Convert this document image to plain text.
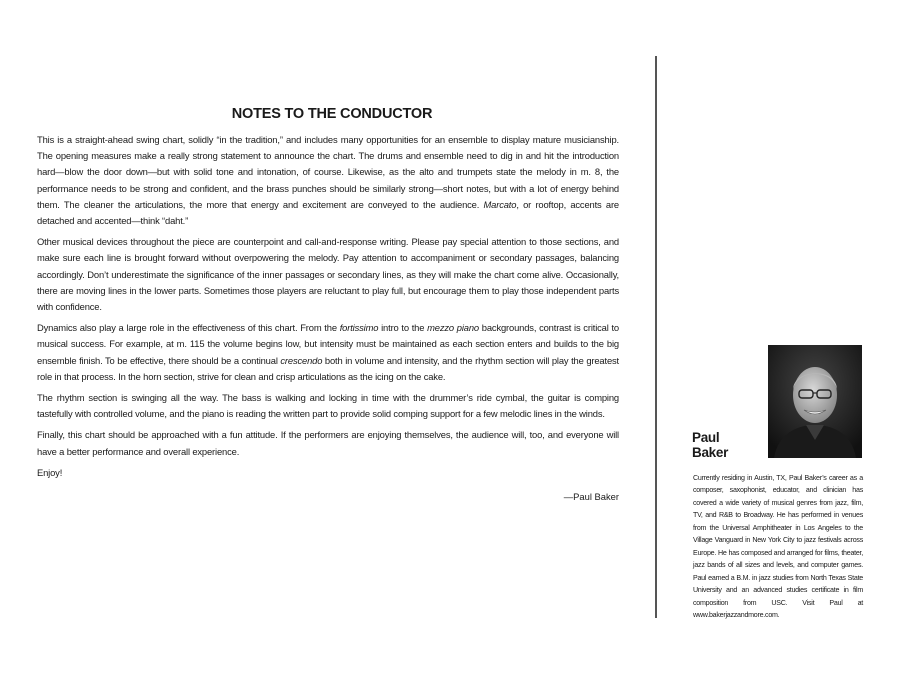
NOTES TO THE CONDUCTOR

This is a straight-ahead swing chart, solidly “in the tradition,” and includes many opportunities for an ensemble to display mature musicianship. The opening measures make a really strong statement to announce the chart. The drums and ensemble need to dig in and hit the introduction hard—blow the door down—but with solid tone and intonation, of course. Likewise, as the alto and trumpets state the melody in m. 8, the performance needs to be strong and confident, and the brass punches should be similarly strong—short notes, but with a lot of energy behind them. The cleaner the articulations, the more that energy and excitement are conveyed to the audience. Marcato, or rooftop, accents are detached and accented—think “daht.”

Other musical devices throughout the piece are counterpoint and call-and-response writing. Please pay special attention to those sections, and make sure each line is brought forward without overpowering the melody. Pay attention to accompaniment or secondary passages, balancing accordingly. Don’t underestimate the significance of the inner passages or secondary lines, as they will make the chart come alive. Occasionally, there are moving lines in the lower parts. Sometimes those players are reluctant to play full, but encourage them to play those independent parts with confidence.

Dynamics also play a large role in the effectiveness of this chart. From the fortissimo intro to the mezzo piano backgrounds, contrast is critical to musical success. For example, at m. 115 the volume begins low, but intensity must be maintained as each section enters and builds to the big ensemble finish. To be effective, there should be a continual crescendo both in volume and intensity, and the rhythm section will play the greatest role in that process. In the horn section, strive for clean and crisp articulations as the icing on the cake.

The rhythm section is swinging all the way. The bass is walking and locking in time with the drummer’s ride cymbal, the guitar is comping tastefully with controlled volume, and the piano is reading the written part to provide solid comping support for a few melodic lines in the winds.

Finally, this chart should be approached with a fun attitude. If the performers are enjoying themselves, the audience will, too, and everyone will have a better performance and overall experience.

Enjoy!

—Paul Baker
Paul
Baker
Currently residing in Austin, TX, Paul Baker’s career as a composer, saxophonist, educator, and clinician has covered a wide variety of musical genres from jazz, film, TV, and R&B to Broadway. He has performed in venues from the Universal Amphitheater in Los Angeles to the Village Vanguard in New York City to jazz festivals across Europe. He has composed and arranged for films, theater, jazz bands of all sizes and levels, and computer games. Paul earned a B.M. in jazz studies from North Texas State University and an advanced studies certificate in film composition from USC. Visit Paul at www.bakerjazzandmore.com.
